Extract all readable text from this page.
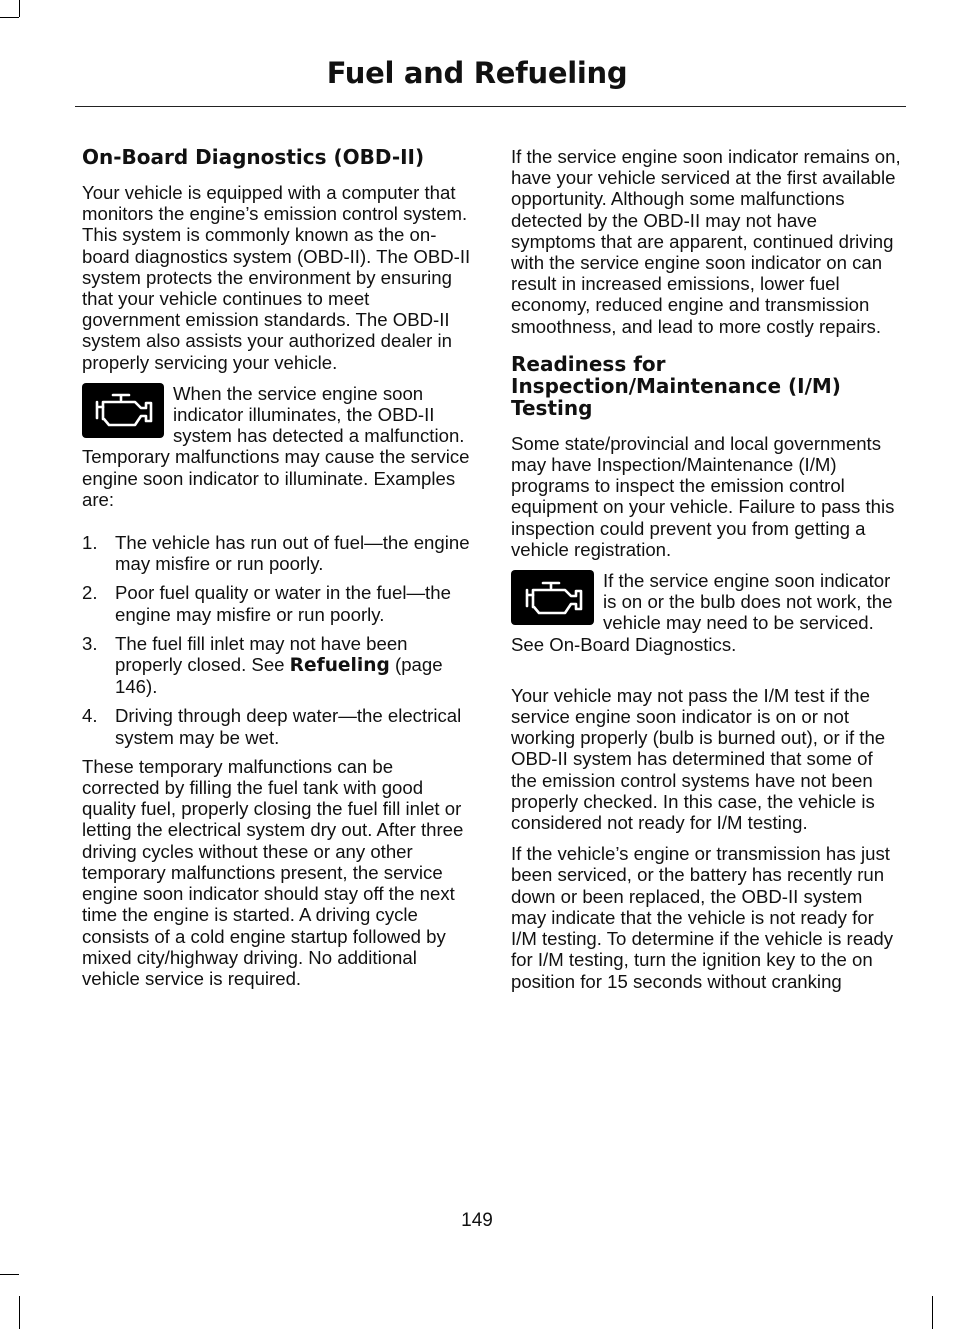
Fuel and Refueling
On-Board Diagnostics (OBD-II)

Your vehicle is equipped with a computer that monitors the engine’s emission control system. This system is commonly known as the on-board diagnostics system (OBD-II). The OBD-II system protects the environment by ensuring that your vehicle continues to meet government emission standards. The OBD-II system also assists your authorized dealer in properly servicing your vehicle.

When the service engine soon indicator illuminates, the OBD-II system has detected a malfunction. Temporary malfunctions may cause the service engine soon indicator to illuminate. Examples are:

1. The vehicle has run out of fuel—the engine may misfire or run poorly.
2. Poor fuel quality or water in the fuel—the engine may misfire or run poorly.
3. The fuel fill inlet may not have been properly closed. See Refueling (page 146).
4. Driving through deep water—the electrical system may be wet.

These temporary malfunctions can be corrected by filling the fuel tank with good quality fuel, properly closing the fuel fill inlet or letting the electrical system dry out. After three driving cycles without these or any other temporary malfunctions present, the service engine soon indicator should stay off the next time the engine is started. A driving cycle consists of a cold engine startup followed by mixed city/highway driving. No additional vehicle service is required.

If the service engine soon indicator remains on, have your vehicle serviced at the first available opportunity. Although some malfunctions detected by the OBD-II may not have symptoms that are apparent, continued driving with the service engine soon indicator on can result in increased emissions, lower fuel economy, reduced engine and transmission smoothness, and lead to more costly repairs.

Readiness for Inspection/Maintenance (I/M) Testing

Some state/provincial and local governments may have Inspection/Maintenance (I/M) programs to inspect the emission control equipment on your vehicle. Failure to pass this inspection could prevent you from getting a vehicle registration.

If the service engine soon indicator is on or the bulb does not work, the vehicle may need to be serviced. See On-Board Diagnostics.

Your vehicle may not pass the I/M test if the service engine soon indicator is on or not working properly (bulb is burned out), or if the OBD-II system has determined that some of the emission control systems have not been properly checked. In this case, the vehicle is considered not ready for I/M testing.

If the vehicle’s engine or transmission has just been serviced, or the battery has recently run down or been replaced, the OBD-II system may indicate that the vehicle is not ready for I/M testing. To determine if the vehicle is ready for I/M testing, turn the ignition key to the on position for 15 seconds without cranking

149
